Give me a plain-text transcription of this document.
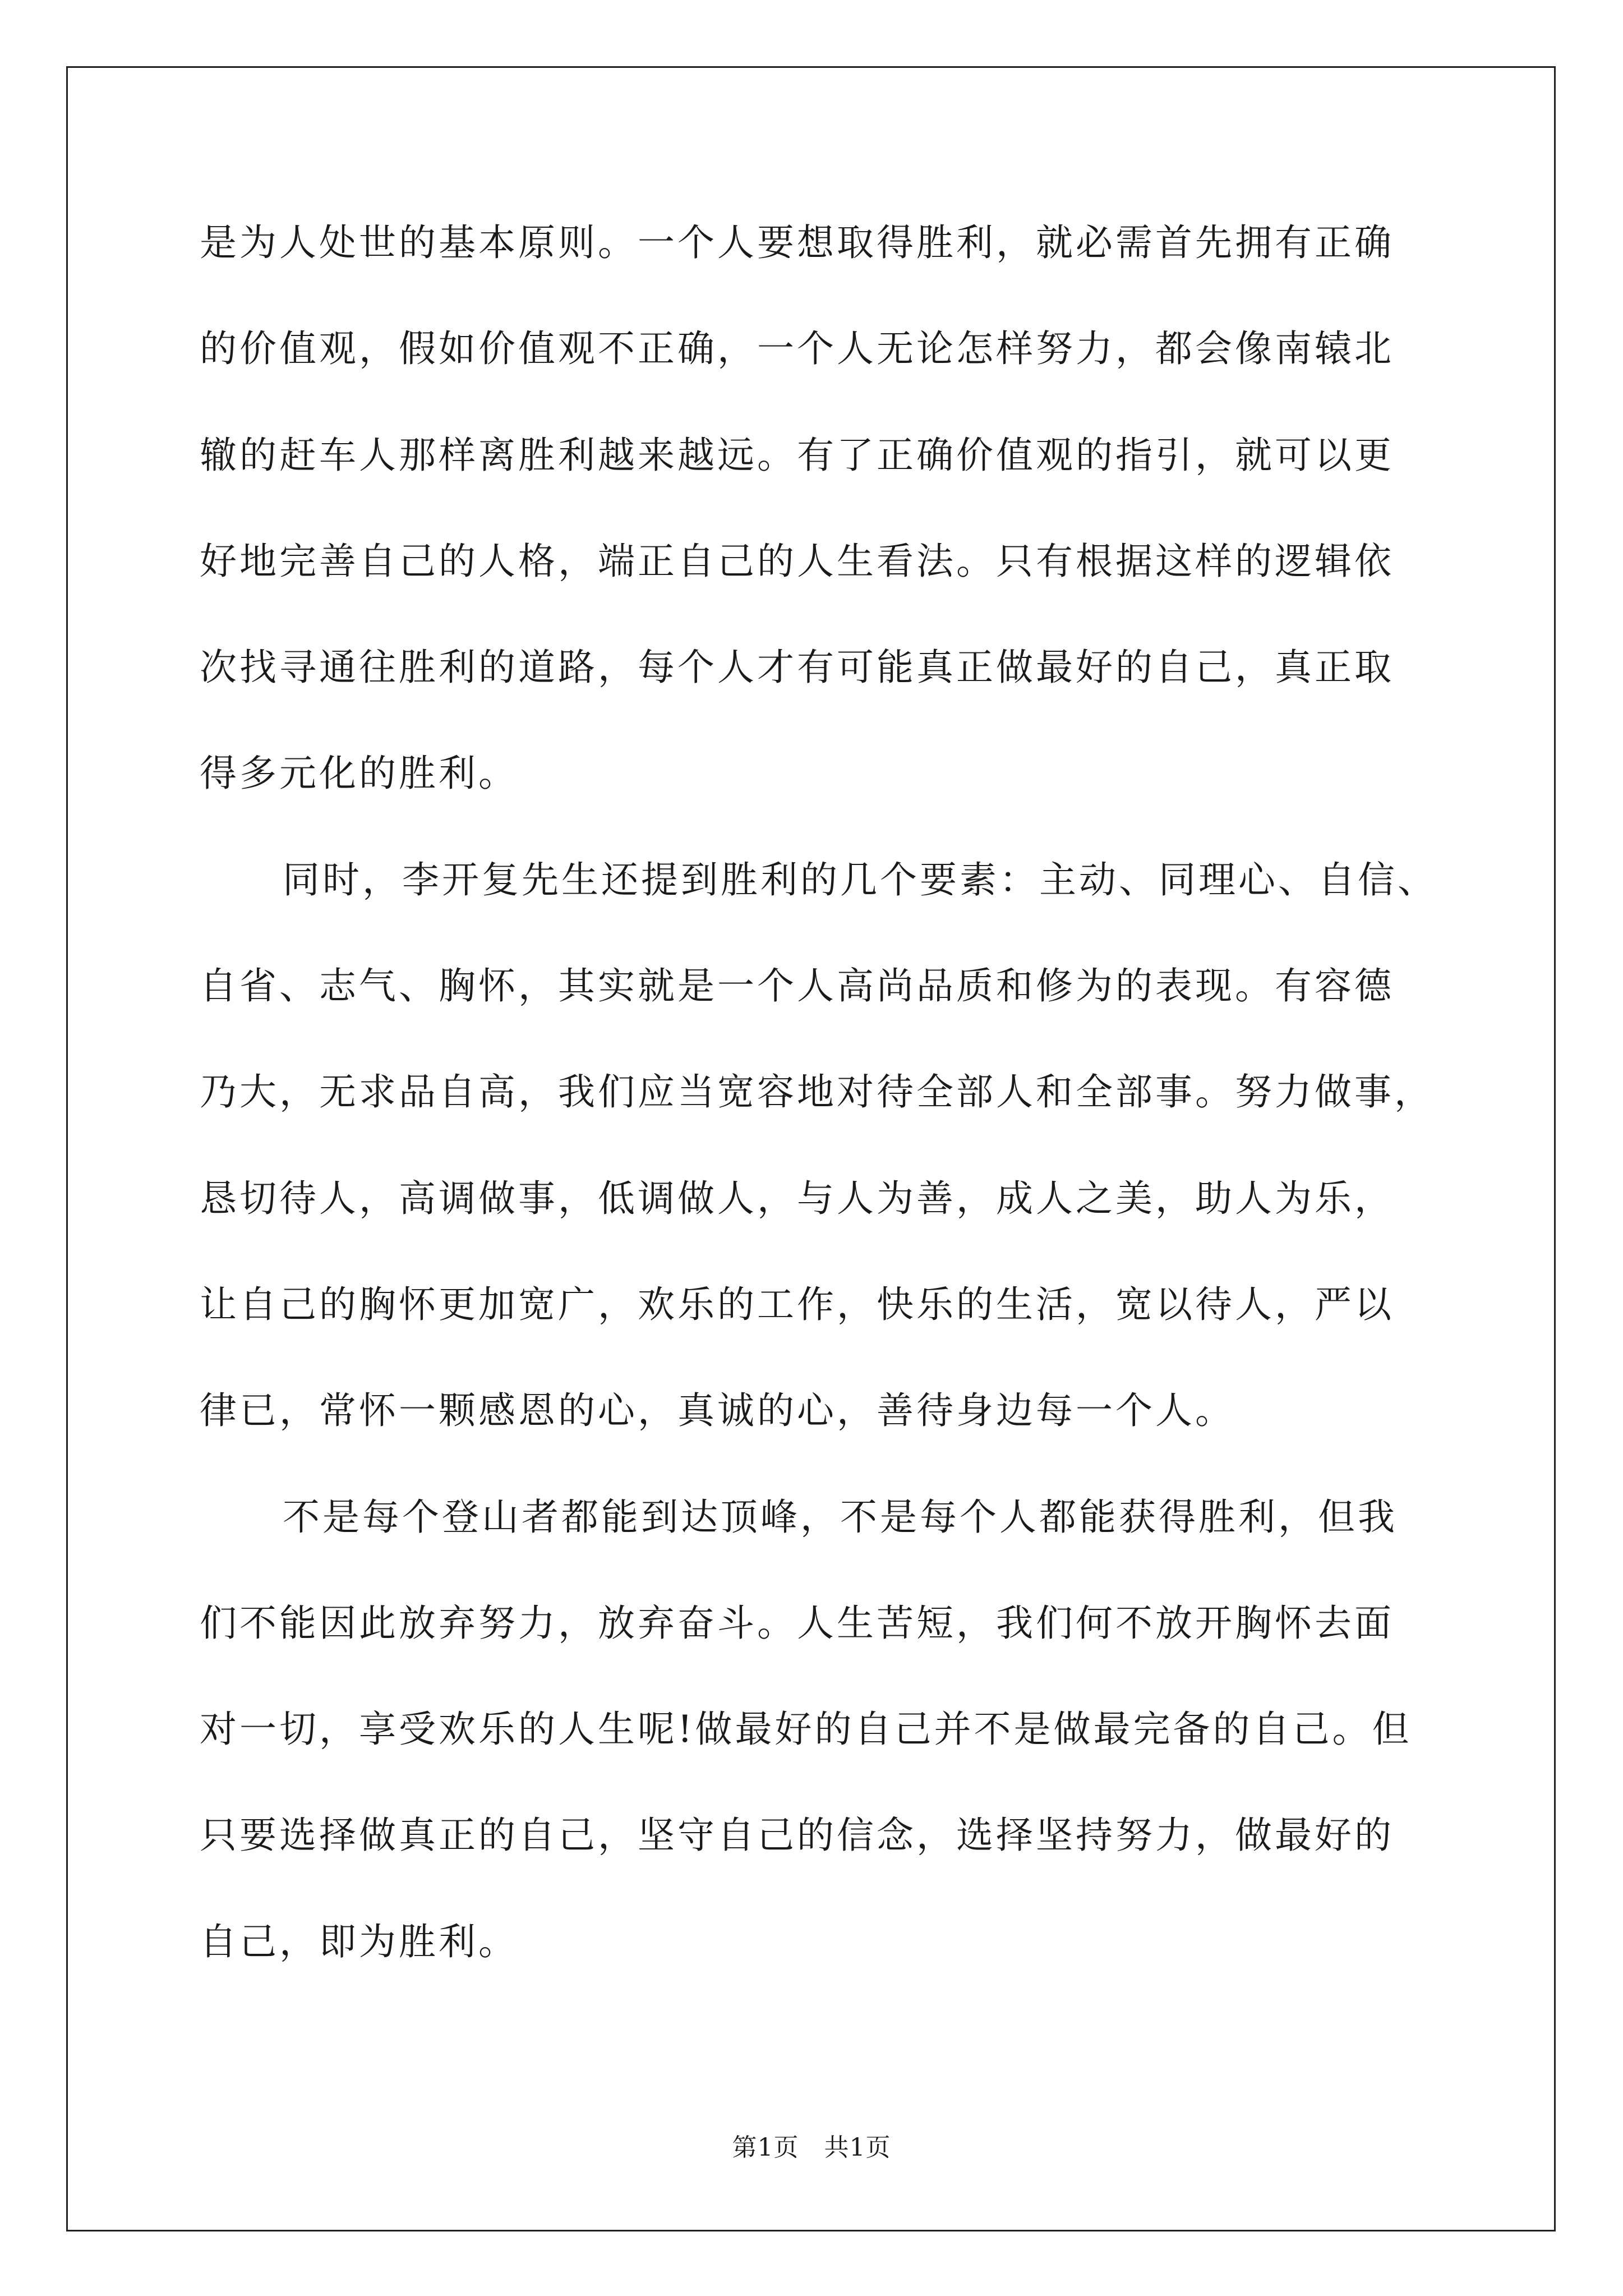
是为人处世的基本原则。一个人要想取得胜利，就必需首先拥有正确
的价值观，假如价值观不正确，一个人无论怎样努力，都会像南辕北
辙的赶车人那样离胜利越来越远。有了正确价值观的指引，就可以更
好地完善自己的人格，端正自己的人生看法。只有根据这样的逻辑依
次找寻通往胜利的道路，每个人才有可能真正做最好的自己，真正取
得多元化的胜利。
同时，李开复先生还提到胜利的几个要素：主动、同理心、自信、
自省、志气、胸怀，其实就是一个人高尚品质和修为的表现。有容德
乃大，无求品自高，我们应当宽容地对待全部人和全部事。努力做事，
恳切待人，高调做事，低调做人，与人为善，成人之美，助人为乐，
让自己的胸怀更加宽广，欢乐的工作，快乐的生活，宽以待人，严以
律已，常怀一颗感恩的心，真诚的心，善待身边每一个人。
不是每个登山者都能到达顶峰，不是每个人都能获得胜利，但我
们不能因此放弃努力，放弃奋斗。人生苦短，我们何不放开胸怀去面
对一切，享受欢乐的人生呢!做最好的自己并不是做最完备的自己。但
只要选择做真正的自己，坚守自己的信念，选择坚持努力，做最好的
自己，即为胜利。
第1页　共1页
